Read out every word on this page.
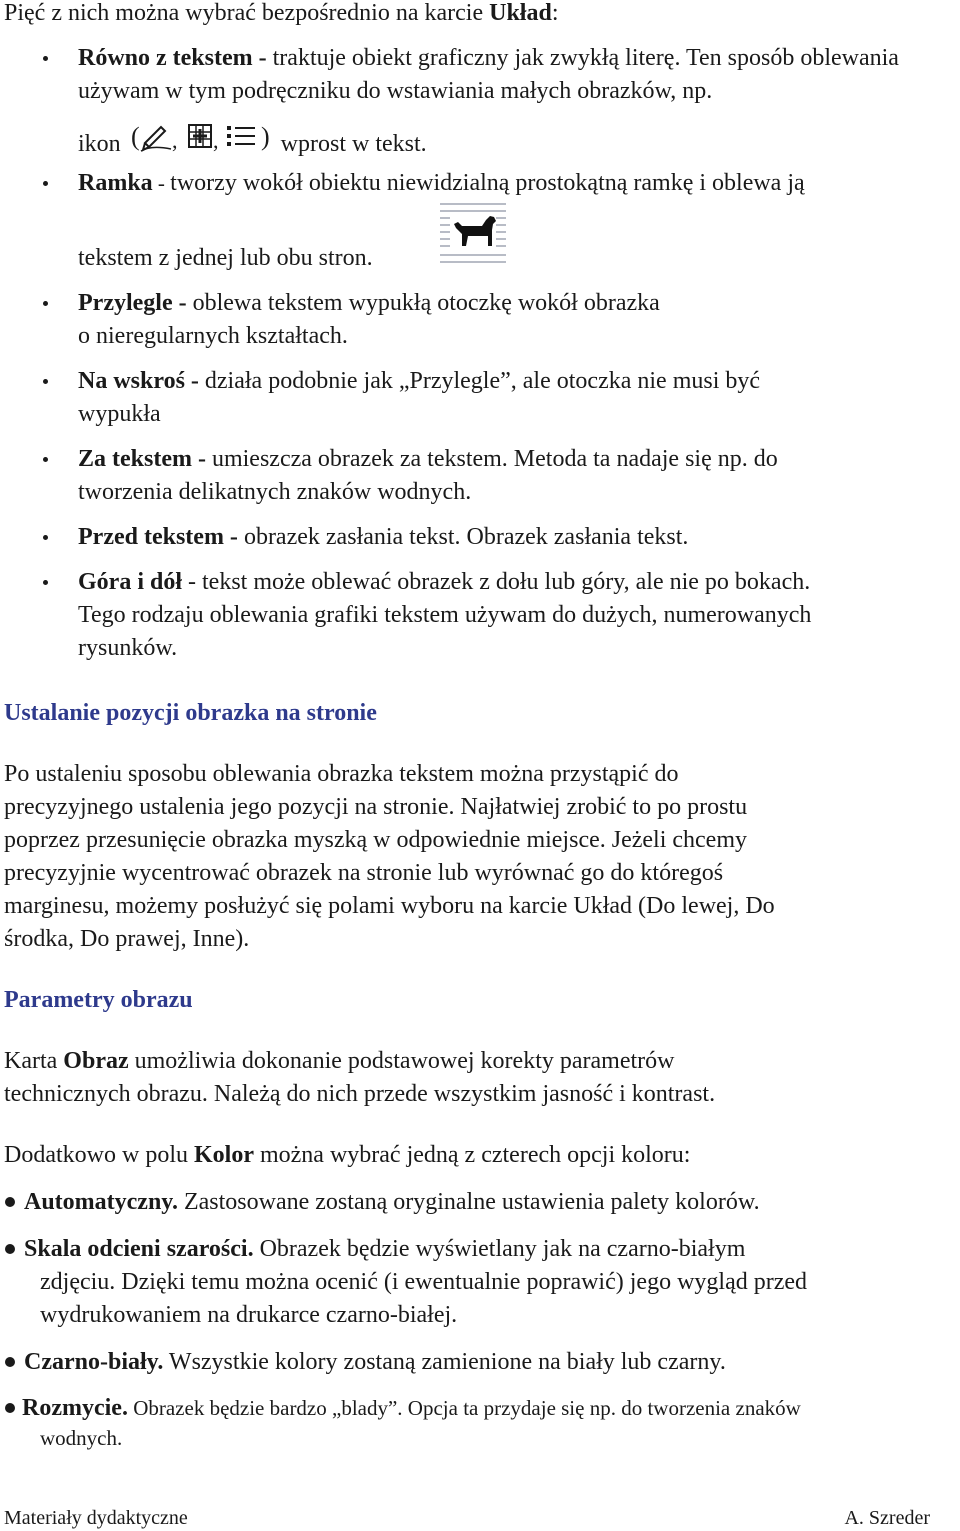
Pięć z nich można wybrać bezpośrednio na karcie Układ:

Równo z tekstem - traktuje obiekt graficzny jak zwykłą literę. Ten sposób oblewania używam w tym podręczniku do wstawiania małych obrazków, np.
ikon ( , , ) wprost w tekst.
Ramka - tworzy wokół obiektu niewidzialną prostokątną ramkę i oblewa ją
tekstem z jednej lub obu stron.
Przylegle - oblewa tekstem wypukłą otoczkę wokół obrazka
o nieregularnych kształtach.
Na wskroś - działa podobnie jak „Przylegle”, ale otoczka nie musi być
wypukła
Za tekstem - umieszcza obrazek za tekstem. Metoda ta nadaje się np. do
tworzenia delikatnych znaków wodnych.
Przed tekstem - obrazek zasłania tekst. Obrazek zasłania tekst.
Góra i dół - tekst może oblewać obrazek z dołu lub góry, ale nie po bokach.
Tego rodzaju oblewania grafiki tekstem używam do dużych, numerowanych
rysunków.
Ustalanie pozycji obrazka na stronie
Po ustaleniu sposobu oblewania obrazka tekstem można przystąpić do
precyzyjnego ustalenia jego pozycji na stronie. Najłatwiej zrobić to po prostu
poprzez przesunięcie obrazka myszką w odpowiednie miejsce. Jeżeli chcemy
precyzyjnie wycentrować obrazek na stronie lub wyrównać go do któregoś
marginesu, możemy posłużyć się polami wyboru na karcie Układ (Do lewej, Do
środka, Do prawej, Inne).
Parametry obrazu
Karta Obraz umożliwia dokonanie podstawowej korekty parametrów
technicznych obrazu. Należą do nich przede wszystkim jasność i kontrast.
Dodatkowo w polu Kolor można wybrać jedną z czterech opcji koloru:
Automatyczny. Zastosowane zostaną oryginalne ustawienia palety kolorów.
Skala odcieni szarości. Obrazek będzie wyświetlany jak na czarno-białym
zdjęciu. Dzięki temu można ocenić (i ewentualnie poprawić) jego wygląd przed
wydrukowaniem na drukarce czarno-białej.
Czarno-biały. Wszystkie kolory zostaną zamienione na biały lub czarny.
Rozmycie. Obrazek będzie bardzo „blady”. Opcja ta przydaje się np. do tworzenia znaków
wodnych.
Materiały dydaktyczne	A. Szreder
